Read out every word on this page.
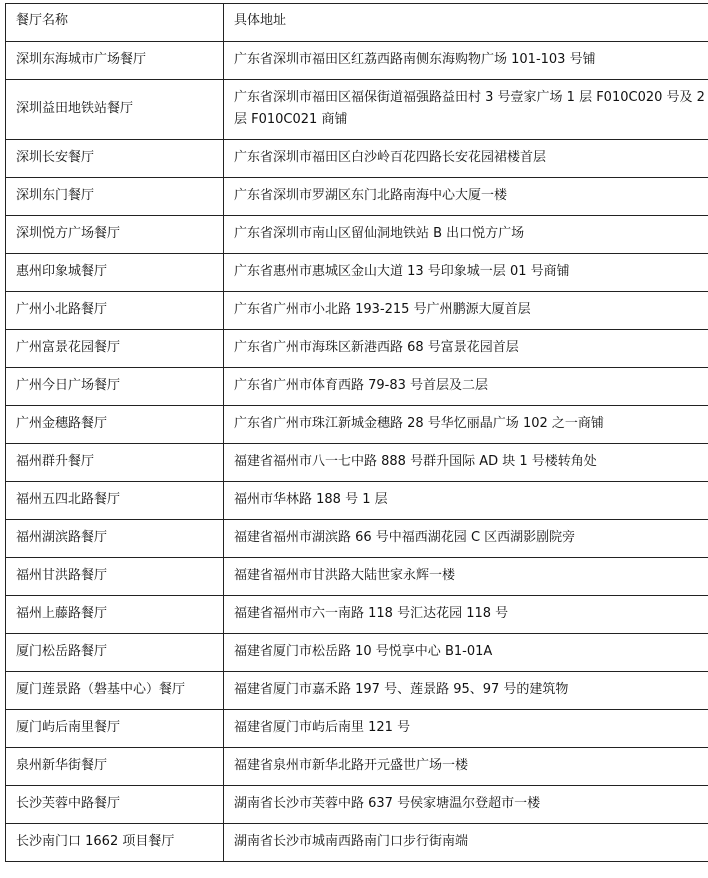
餐厅名称	具体地址
深圳东海城市广场餐厅	广东省深圳市福田区红荔西路南侧东海购物广场 101-103 号铺
深圳益田地铁站餐厅	广东省深圳市福田区福保街道福强路益田村 3 号壹家广场 1 层 F010C020 号及 2 层 F010C021 商铺
深圳长安餐厅	广东省深圳市福田区白沙岭百花四路长安花园裙楼首层
深圳东门餐厅	广东省深圳市罗湖区东门北路南海中心大厦一楼
深圳悦方广场餐厅	广东省深圳市南山区留仙洞地铁站 B 出口悦方广场
惠州印象城餐厅	广东省惠州市惠城区金山大道 13 号印象城一层 01 号商铺
广州小北路餐厅	广东省广州市小北路 193-215 号广州鹏源大厦首层
广州富景花园餐厅	广东省广州市海珠区新港西路 68 号富景花园首层
广州今日广场餐厅	广东省广州市体育西路 79-83 号首层及二层
广州金穗路餐厅	广东省广州市珠江新城金穗路 28 号华忆丽晶广场 102 之一商铺
福州群升餐厅	福建省福州市八一七中路 888 号群升国际 AD 块 1 号楼转角处
福州五四北路餐厅	福州市华林路 188 号 1 层
福州湖滨路餐厅	福建省福州市湖滨路 66 号中福西湖花园 C 区西湖影剧院旁
福州甘洪路餐厅	福建省福州市甘洪路大陆世家永辉一楼
福州上藤路餐厅	福建省福州市六一南路 118 号汇达花园 118 号
厦门松岳路餐厅	福建省厦门市松岳路 10 号悦享中心 B1-01A
厦门莲景路（磐基中心）餐厅	福建省厦门市嘉禾路 197 号、莲景路 95、97 号的建筑物
厦门屿后南里餐厅	福建省厦门市屿后南里 121 号
泉州新华街餐厅	福建省泉州市新华北路开元盛世广场一楼
长沙芙蓉中路餐厅	湖南省长沙市芙蓉中路 637 号侯家塘温尔登超市一楼
长沙南门口 1662 项目餐厅	湖南省长沙市城南西路南门口步行街南端
